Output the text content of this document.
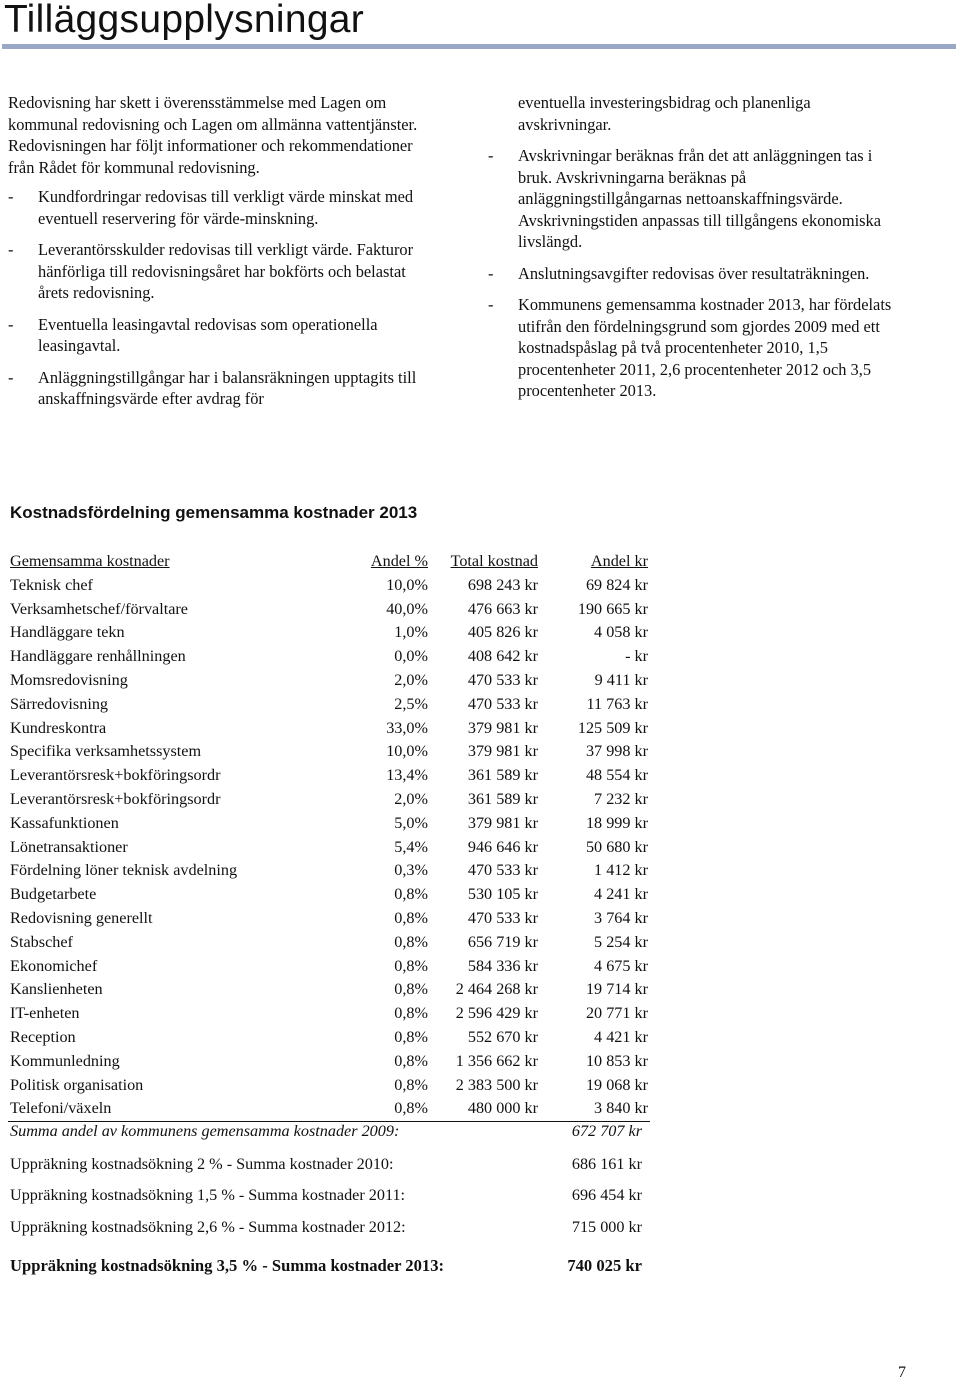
Tilläggsupplysningar

Redovisning har skett i överensstämmelse med Lagen om kommunal redovisning och Lagen om allmänna vattentjänster. Redovisningen har följt informationer och rekommendationer från Rådet för kommunal redovisning.

-	Kundfordringar redovisas till verkligt värde minskat med eventuell reservering för värde-minskning.
-	Leverantörsskulder redovisas till verkligt värde. Fakturor hänförliga till redovisningsåret har bokförts och belastat årets redovisning.
-	Eventuella leasingavtal redovisas som operationella leasingavtal.
-	Anläggningstillgångar har i balansräkningen upptagits till anskaffningsvärde efter avdrag för

eventuella investeringsbidrag och planenliga avskrivningar.

-	Avskrivningar beräknas från det att anläggningen tas i bruk. Avskrivningarna beräknas på anläggningstillgångarnas nettoanskaffningsvärde. Avskrivningstiden anpassas till tillgångens ekonomiska livslängd.
-	Anslutningsavgifter redovisas över resultaträkningen.
-	Kommunens gemensamma kostnader 2013, har fördelats utifrån den fördelningsgrund som gjordes 2009 med ett kostnadspåslag på två procentenheter 2010, 1,5 procentenheter 2011, 2,6 procentenheter 2012 och 3,5 procentenheter 2013.
Kostnadsfördelning gemensamma kostnader 2013
Gemensamma kostnader	Andel %	Total kostnad	Andel kr
Teknisk chef	10,0%	698 243 kr	69 824 kr
Verksamhetschef/förvaltare	40,0%	476 663 kr	190 665 kr
Handläggare tekn	1,0%	405 826 kr	4 058 kr
Handläggare renhållningen	0,0%	408 642 kr	- kr
Momsredovisning	2,0%	470 533 kr	9 411 kr
Särredovisning	2,5%	470 533 kr	11 763 kr
Kundreskontra	33,0%	379 981 kr	125 509 kr
Specifika verksamhetssystem	10,0%	379 981 kr	37 998 kr
Leverantörsresk+bokföringsordr	13,4%	361 589 kr	48 554 kr
Leverantörsresk+bokföringsordr	2,0%	361 589 kr	7 232 kr
Kassafunktionen	5,0%	379 981 kr	18 999 kr
Lönetransaktioner	5,4%	946 646 kr	50 680 kr
Fördelning löner teknisk avdelning	0,3%	470 533 kr	1 412 kr
Budgetarbete	0,8%	530 105 kr	4 241 kr
Redovisning generellt	0,8%	470 533 kr	3 764 kr
Stabschef	0,8%	656 719 kr	5 254 kr
Ekonomichef	0,8%	584 336 kr	4 675 kr
Kanslienheten	0,8%	2 464 268 kr	19 714 kr
IT-enheten	0,8%	2 596 429 kr	20 771 kr
Reception	0,8%	552 670 kr	4 421 kr
Kommunledning	0,8%	1 356 662 kr	10 853 kr
Politisk organisation	0,8%	2 383 500 kr	19 068 kr
Telefoni/växeln	0,8%	480 000 kr	3 840 kr
Summa andel av kommunens gemensamma kostnader 2009:	672 707 kr
Uppräkning kostnadsökning 2 % - Summa kostnader 2010:	686 161 kr
Uppräkning kostnadsökning 1,5 % - Summa kostnader 2011:	696 454 kr
Uppräkning kostnadsökning 2,6 % - Summa kostnader 2012:	715 000 kr
Uppräkning kostnadsökning 3,5 % - Summa kostnader 2013:	740 025 kr
7
